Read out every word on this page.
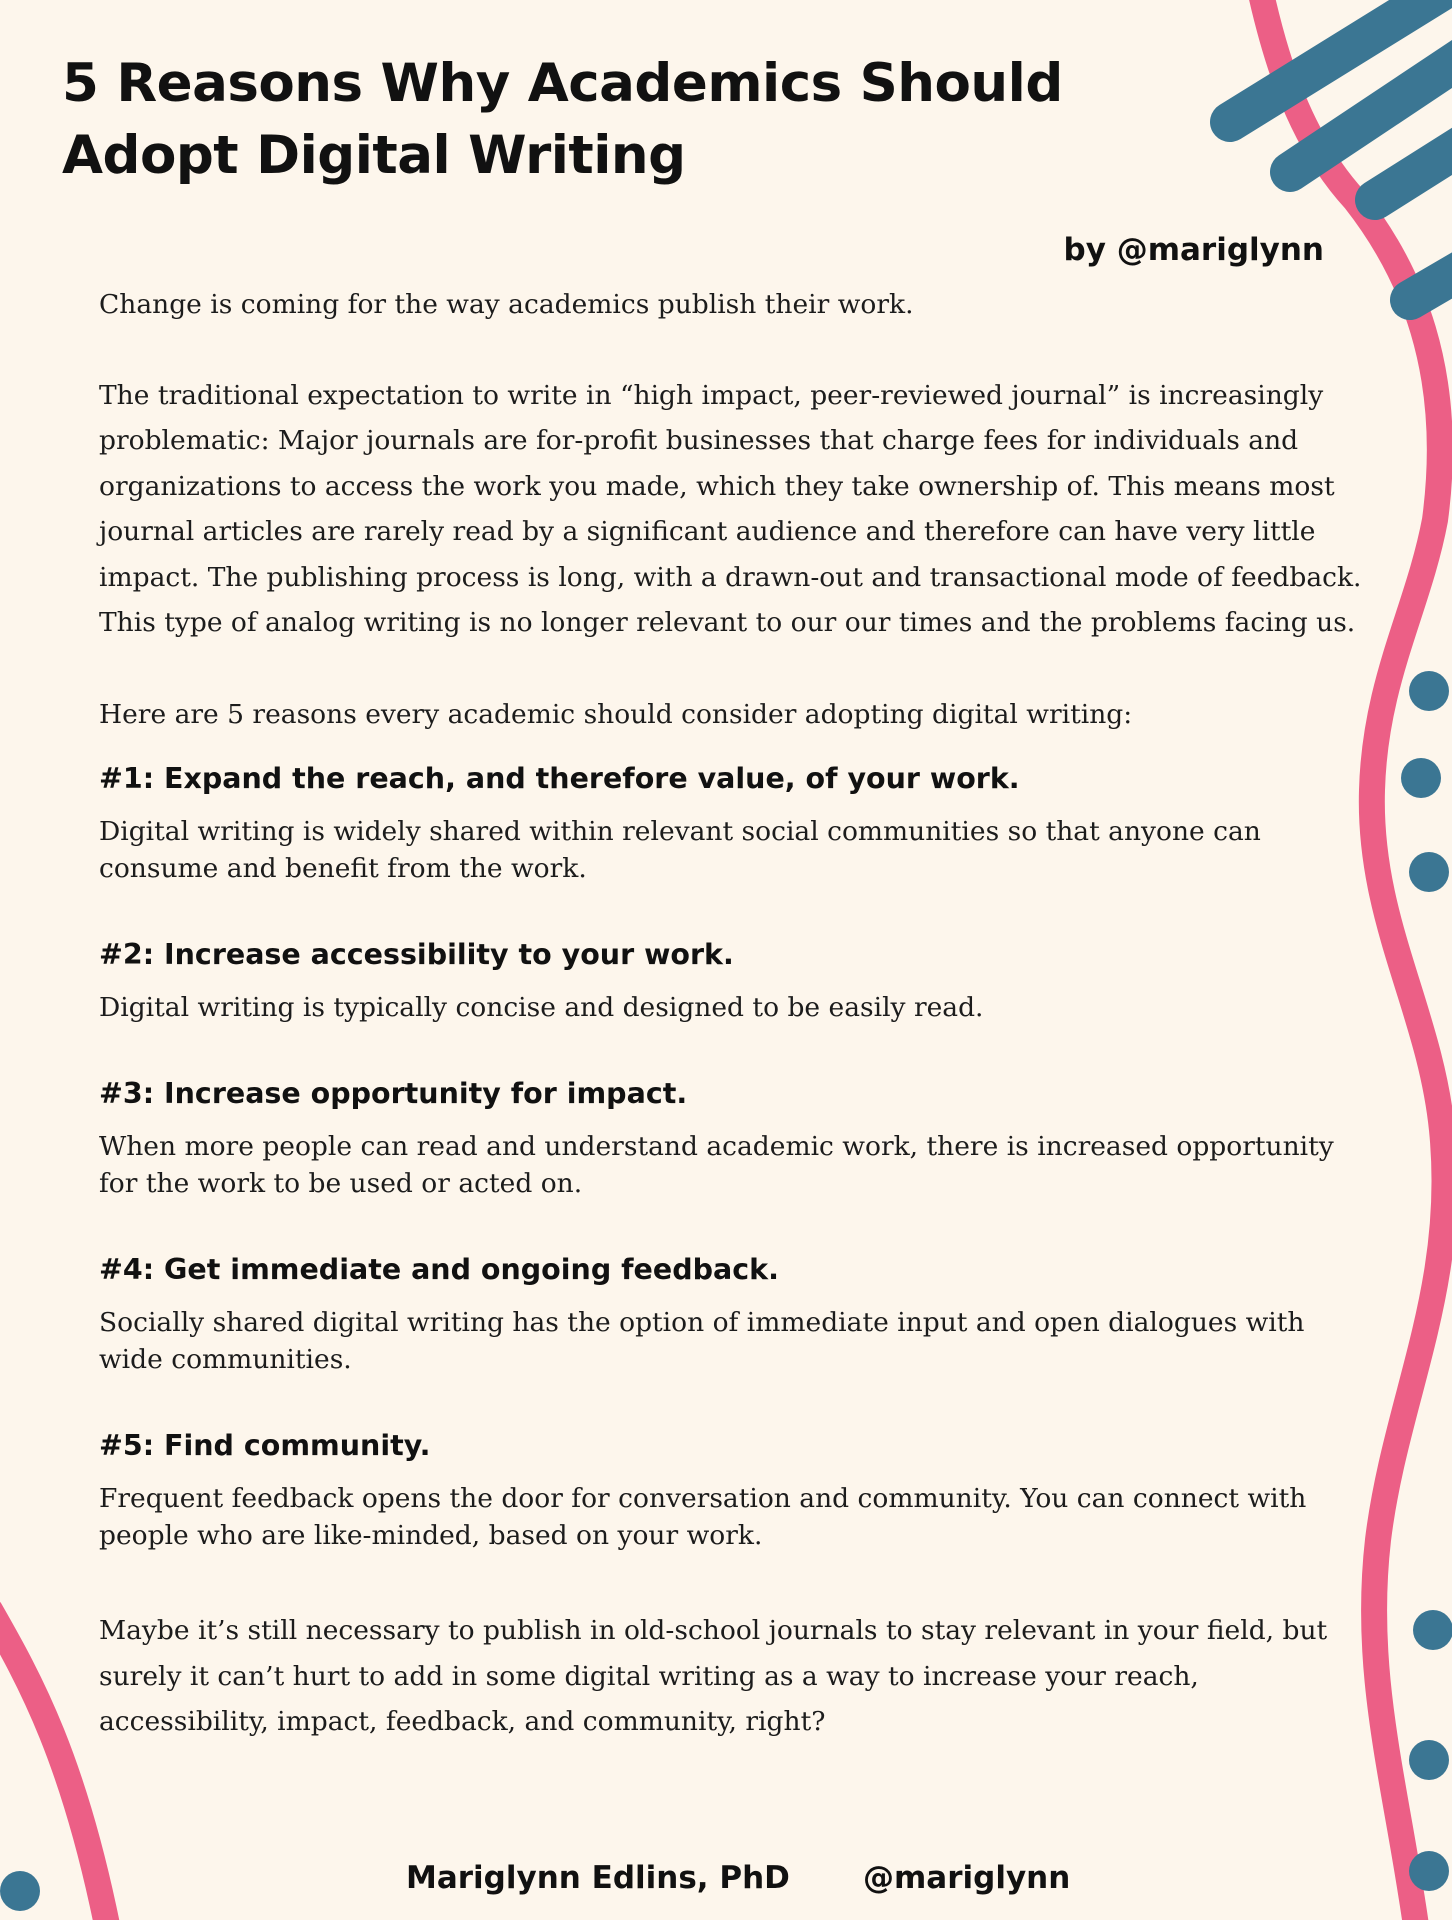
5 Reasons Why Academics Should Adopt Digital Writing
by @mariglynn

Change is coming for the way academics publish their work.

The traditional expectation to write in “high impact, peer-reviewed journal” is increasingly problematic: Major journals are for-profit businesses that charge fees for individuals and organizations to access the work you made, which they take ownership of. This means most journal articles are rarely read by a significant audience and therefore can have very little impact. The publishing process is long, with a drawn-out and transactional mode of feedback. This type of analog writing is no longer relevant to our our times and the problems facing us.

Here are 5 reasons every academic should consider adopting digital writing:

#1: Expand the reach, and therefore value, of your work.

Digital writing is widely shared within relevant social communities so that anyone can consume and benefit from the work.

#2: Increase accessibility to your work.

Digital writing is typically concise and designed to be easily read.

#3: Increase opportunity for impact.

When more people can read and understand academic work, there is increased opportunity for the work to be used or acted on.

#4: Get immediate and ongoing feedback.

Socially shared digital writing has the option of immediate input and open dialogues with wide communities.

#5: Find community.

Frequent feedback opens the door for conversation and community. You can connect with people who are like-minded, based on your work.

Maybe it’s still necessary to publish in old-school journals to stay relevant in your field, but surely it can’t hurt to add in some digital writing as a way to increase your reach, accessibility, impact, feedback, and community, right?

Mariglynn Edlins, PhD @mariglynn
